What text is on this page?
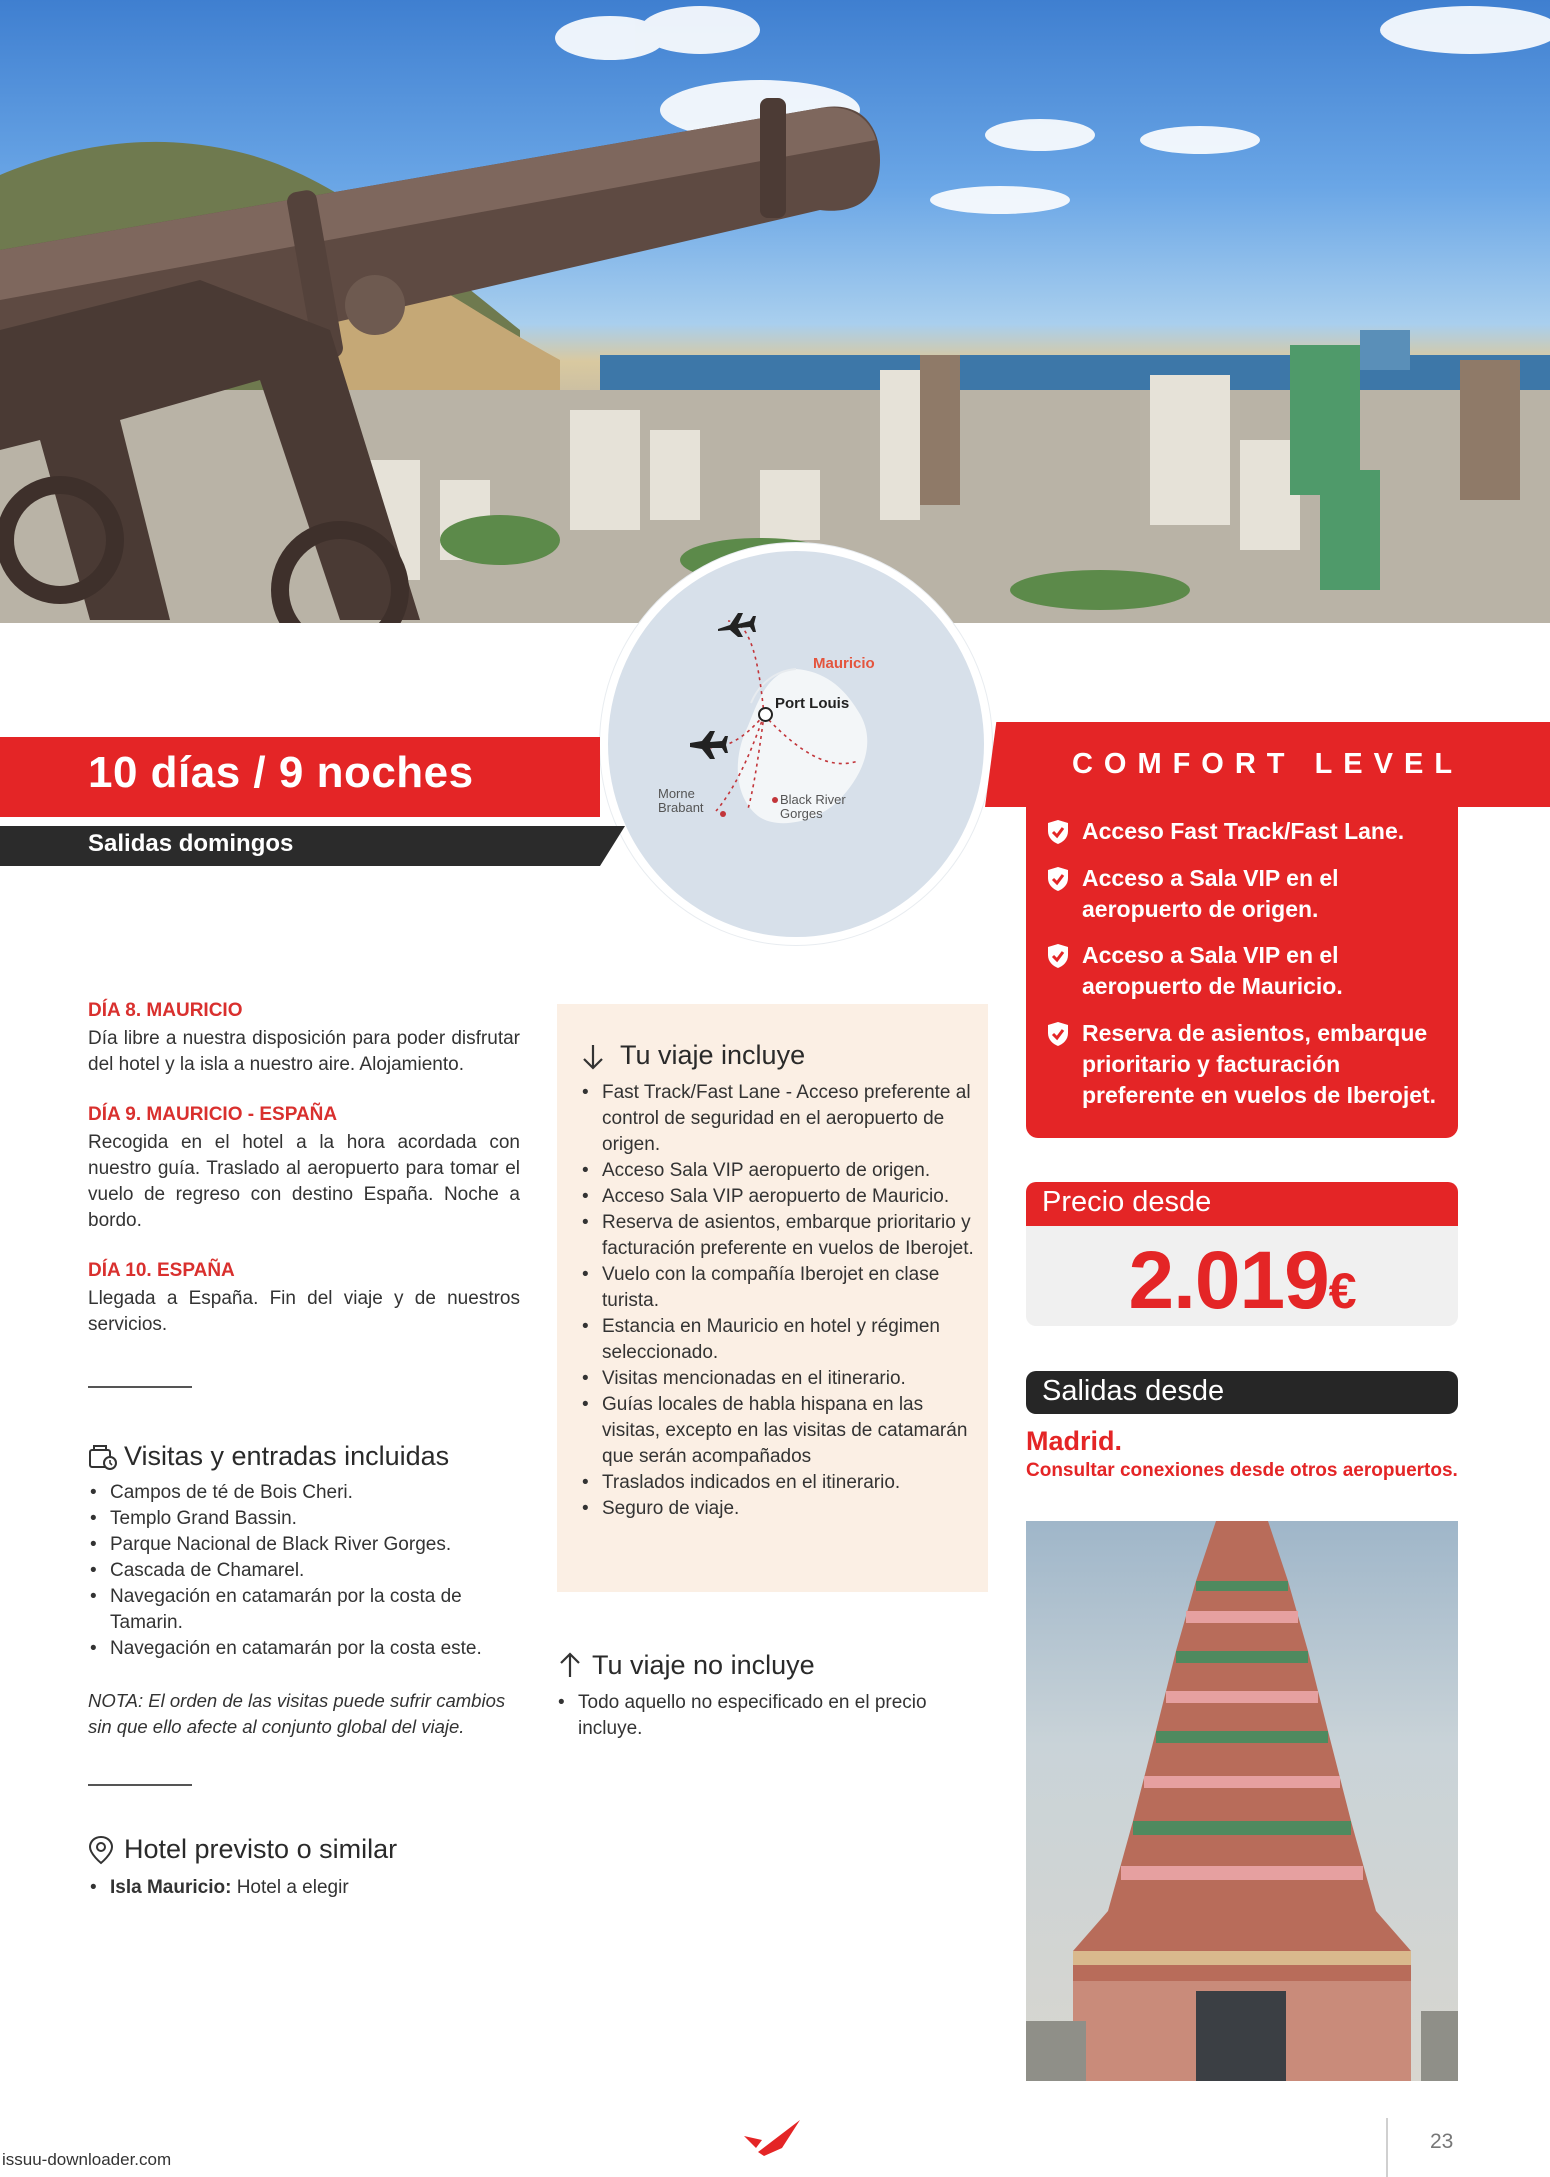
Mauricio
Port Louis
Morne Brabant
Black River Gorges
10 días / 9 noches
Salidas domingos
COMFORT LEVEL
Acceso Fast Track/Fast Lane.
Acceso a Sala VIP en el aeropuerto de origen.
Acceso a Sala VIP en el aeropuerto de Mauricio.
Reserva de asientos, embarque prioritario y facturación preferente en vuelos de Iberojet.
DÍA 8. MAURICIO
Día libre a nuestra disposición para poder disfrutar del hotel y la isla a nuestro aire. Alojamiento.
DÍA 9. MAURICIO - ESPAÑA
Recogida en el hotel a la hora acordada con nuestro guía. Traslado al aeropuerto para tomar el vuelo de regreso con destino España. Noche a bordo.
DÍA 10. ESPAÑA
Llegada a España. Fin del viaje y de nuestros servicios.
Visitas y entradas incluidas
• Campos de té de Bois Cheri.
• Templo Grand Bassin.
• Parque Nacional de Black River Gorges.
• Cascada de Chamarel.
• Navegación en catamarán por la costa de Tamarin.
• Navegación en catamarán por la costa este.
NOTA: El orden de las visitas puede sufrir cambios sin que ello afecte al conjunto global del viaje.
Hotel previsto o similar
• Isla Mauricio: Hotel a elegir
Tu viaje incluye
• Fast Track/Fast Lane - Acceso preferente al control de seguridad en el aeropuerto de origen.
• Acceso Sala VIP aeropuerto de origen.
• Acceso Sala VIP aeropuerto de Mauricio.
• Reserva de asientos, embarque prioritario y facturación preferente en vuelos de Iberojet.
• Vuelo con la compañía Iberojet en clase turista.
• Estancia en Mauricio en hotel y régimen seleccionado.
• Visitas mencionadas en el itinerario.
• Guías locales de habla hispana en las visitas, excepto en las visitas de catamarán que serán acompañados
• Traslados indicados en el itinerario.
• Seguro de viaje.
Tu viaje no incluye
• Todo aquello no especificado en el precio incluye.
Precio desde
2.019€
Salidas desde
Madrid.
Consultar conexiones desde otros aeropuertos.
23
issuu-downloader.com
